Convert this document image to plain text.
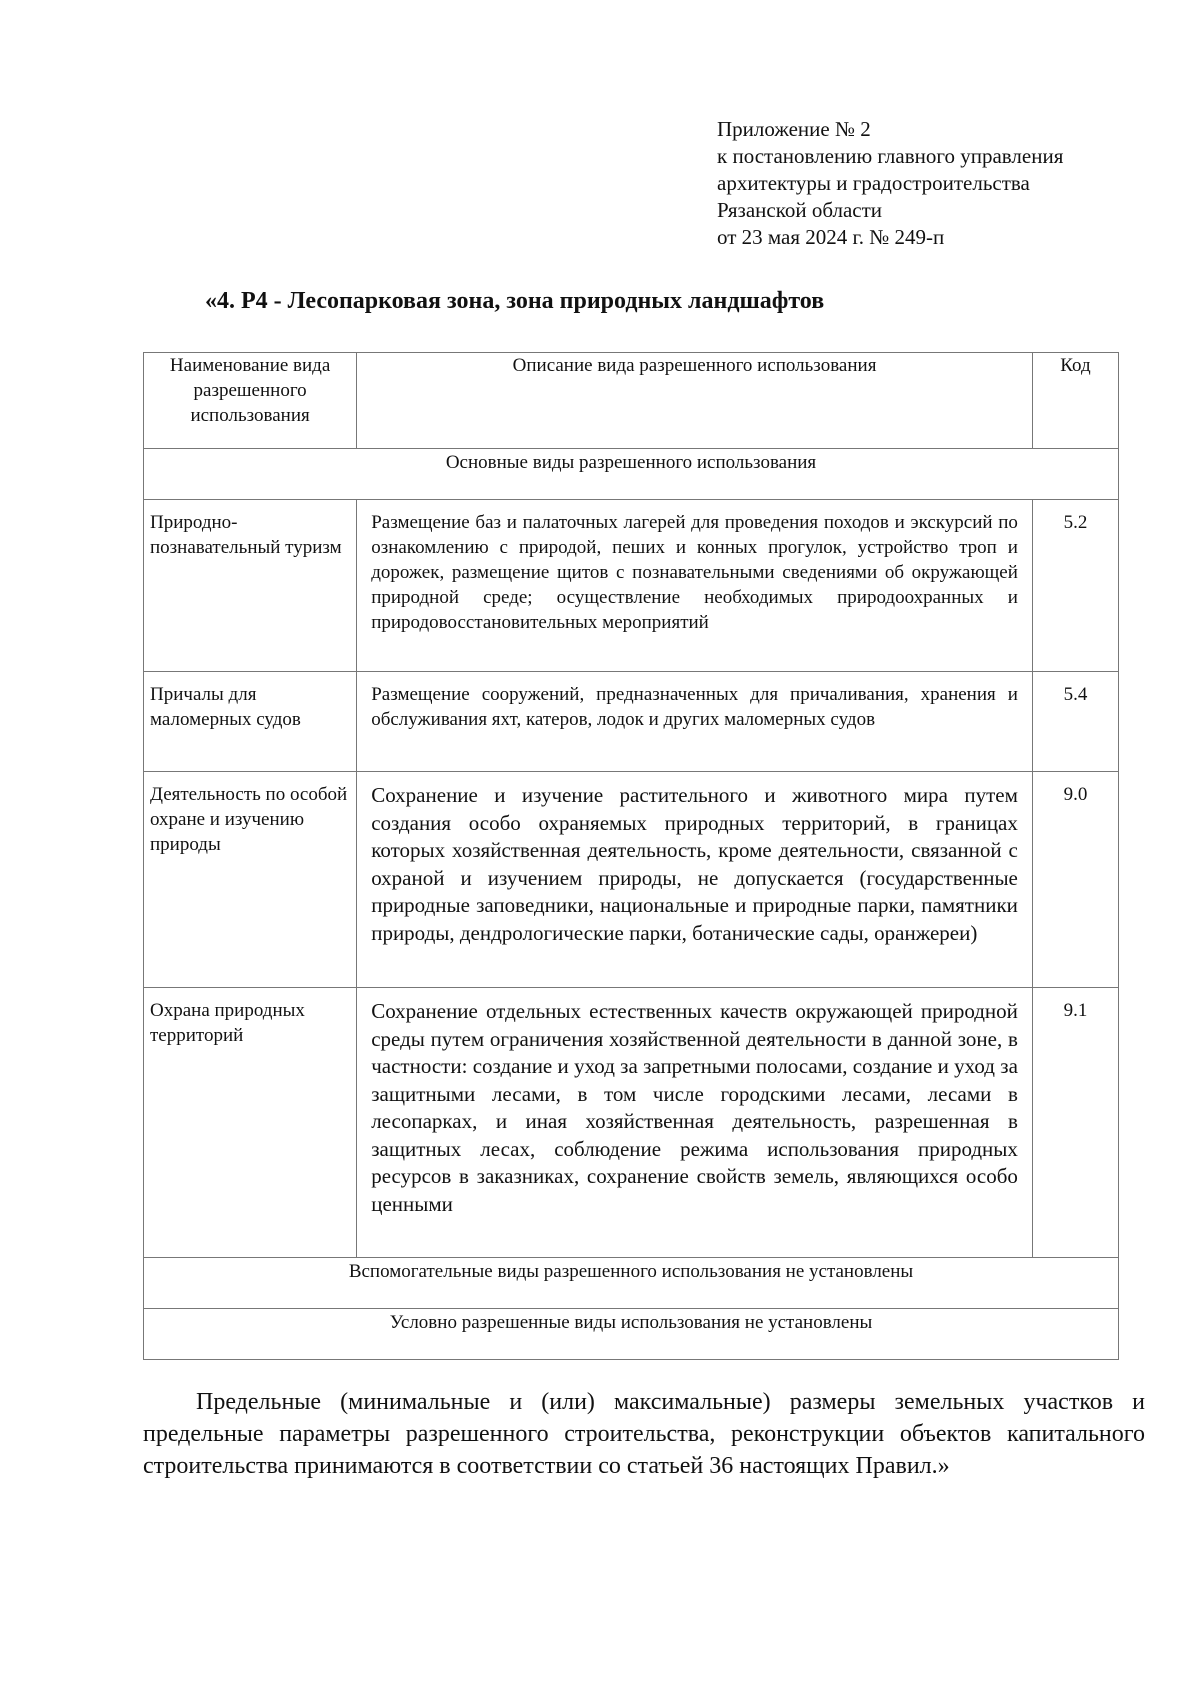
Приложение № 2
к постановлению главного управления
архитектуры и градостроительства
Рязанской области
от 23 мая 2024 г. № 249-п
«4. Р4 - Лесопарковая зона, зона природных ландшафтов
Наименование вида разрешенного использования	Описание вида разрешенного использования	Код
Основные виды разрешенного использования		
Природно-познавательный туризм	Размещение баз и палаточных лагерей для проведения походов и экскурсий по ознакомлению с природой, пеших и конных прогулок, устройство троп и дорожек, размещение щитов с познавательными сведениями об окружающей природной среде; осуществление необходимых природоохранных и природовосстановительных мероприятий	5.2
Причалы для маломерных судов	Размещение сооружений, предназначенных для причаливания, хранения и обслуживания яхт, катеров, лодок и других маломерных судов	5.4
Деятельность по особой охране и изучению природы	Сохранение и изучение растительного и животного мира путем создания особо охраняемых природных территорий, в границах которых хозяйственная деятельность, кроме деятельности, связанной с охраной и изучением природы, не допускается (государственные природные заповедники, национальные и природные парки, памятники природы, дендрологические парки, ботанические сады, оранжереи)	9.0
Охрана природных территорий	Сохранение отдельных естественных качеств окружающей природной среды путем ограничения хозяйственной деятельности в данной зоне, в частности: создание и уход за запретными полосами, создание и уход за защитными лесами, в том числе городскими лесами, лесами в лесопарках, и иная хозяйственная деятельность, разрешенная в защитных лесах, соблюдение режима использования природных ресурсов в заказниках, сохранение свойств земель, являющихся особо ценными	9.1
Вспомогательные виды разрешенного использования не установлены		
Условно разрешенные виды использования не установлены		
Предельные (минимальные и (или) максимальные) размеры земельных участков и предельные параметры разрешенного строительства, реконструкции объектов капитального строительства принимаются в соответствии со статьей 36 настоящих Правил.»
